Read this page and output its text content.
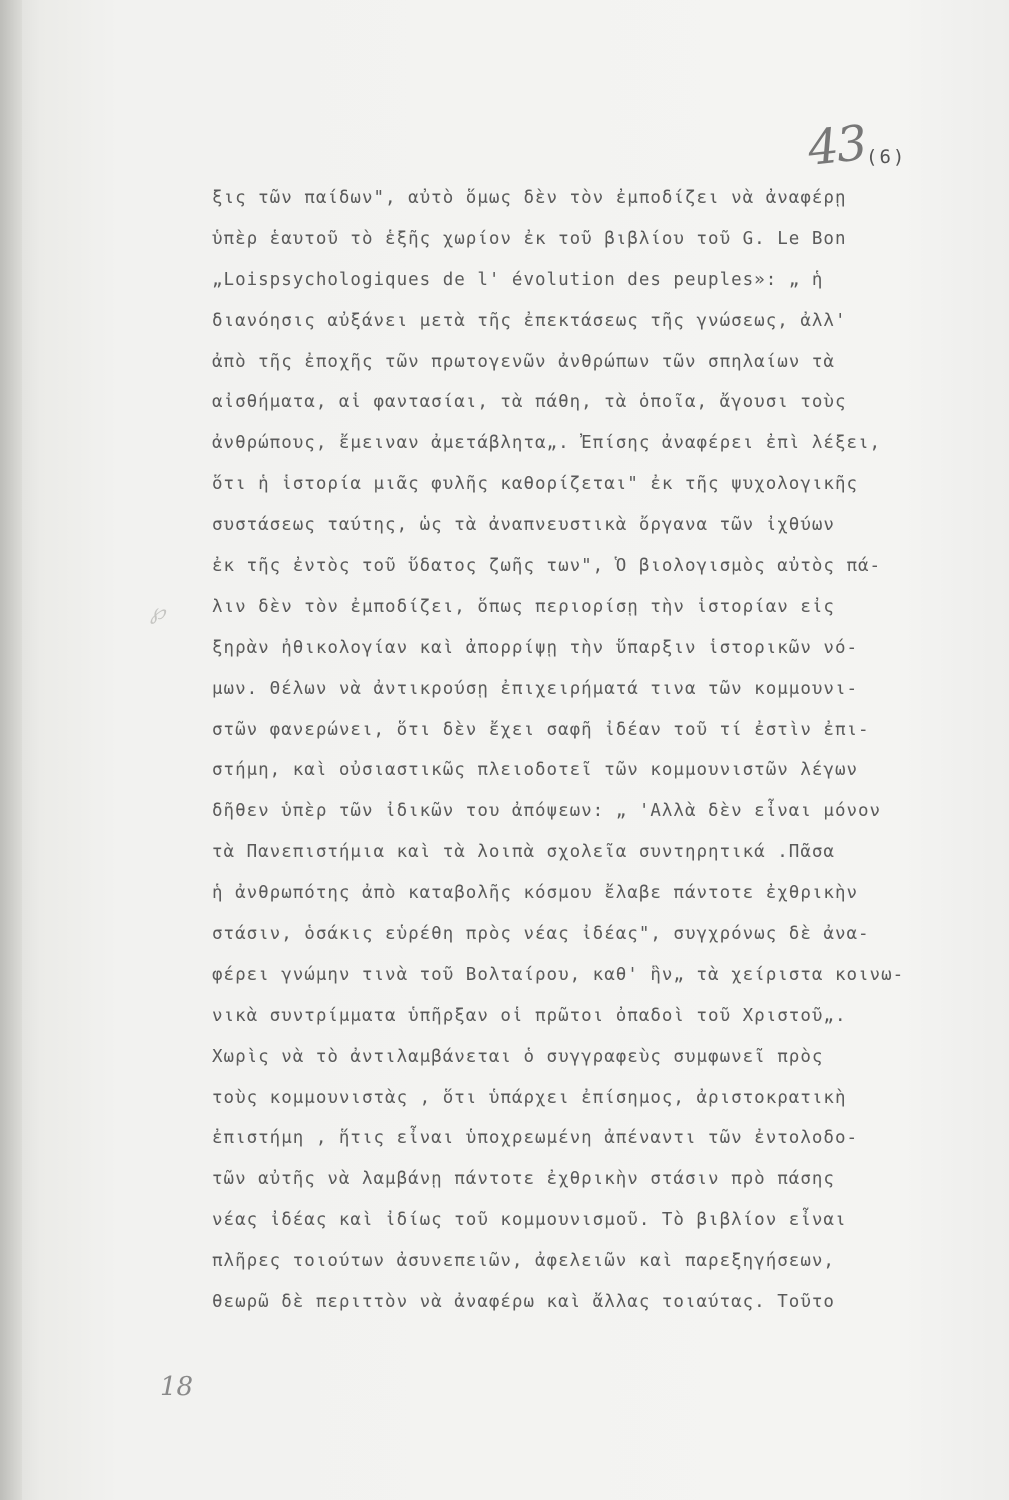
43
(6)
℘
ξις τῶν παίδων", αὐτὸ ὅμως δὲν τὸν ἐμποδίζει νὰ ἀναφέρῃ
ὑπὲρ ἑαυτοῦ τὸ ἑξῆς χωρίον ἐκ τοῦ βιβλίου τοῦ G. Le Bon
„Loispsychologiques de l' évolution des peuples»: „ ἡ
διανόησις αὐξάνει μετὰ τῆς ἐπεκτάσεως τῆς γνώσεως, ἀλλ'
ἀπὸ τῆς ἐποχῆς τῶν πρωτογενῶν ἀνθρώπων τῶν σπηλαίων τὰ
αἰσθήματα, αἱ φαντασίαι, τὰ πάθη, τὰ ὁποῖα, ἄγουσι τοὺς
ἀνθρώπους, ἔμειναν ἀμετάβλητα„. Ἐπίσης ἀναφέρει ἐπὶ λέξει,
ὅτι ἡ ἱστορία μιᾶς φυλῆς καθορίζεται" ἐκ τῆς ψυχολογικῆς
συστάσεως ταύτης, ὡς τὰ ἀναπνευστικὰ ὄργανα τῶν ἰχθύων
ἐκ τῆς ἐντὸς τοῦ ὕδατος ζωῆς των", Ὁ βιολογισμὸς αὐτὸς πά-
λιν δὲν τὸν ἐμποδίζει, ὅπως περιορίσῃ τὴν ἱστορίαν εἰς
ξηρὰν ἠθικολογίαν καὶ ἀπορρίψῃ τὴν ὕπαρξιν ἱστορικῶν νό-
μων. Θέλων νὰ ἀντικρούσῃ ἐπιχειρήματά τινα τῶν κομμουνι-
στῶν φανερώνει, ὅτι δὲν ἔχει σαφῆ ἰδέαν τοῦ τί ἐστὶν ἐπι-
στήμη, καὶ οὐσιαστικῶς πλειοδοτεῖ τῶν κομμουνιστῶν λέγων
δῆθεν ὑπὲρ τῶν ἰδικῶν του ἀπόψεων: „ 'Αλλὰ δὲν εἶναι μόνον
τὰ Πανεπιστήμια καὶ τὰ λοιπὰ σχολεῖα συντηρητικά .Πᾶσα
ἡ ἀνθρωπότης ἀπὸ καταβολῆς κόσμου ἔλαβε πάντοτε ἐχθρικὴν
στάσιν, ὁσάκις εὑρέθη πρὸς νέας ἰδέας", συγχρόνως δὲ ἀνα-
φέρει γνώμην τινὰ τοῦ Βολταίρου, καθ' ἣν„ τὰ χείριστα κοινω-
νικὰ συντρίμματα ὑπῆρξαν οἱ πρῶτοι ὀπαδοὶ τοῦ Χριστοῦ„.
Χωρὶς νὰ τὸ ἀντιλαμβάνεται ὁ συγγραφεὺς συμφωνεῖ πρὸς
τοὺς κομμουνιστὰς , ὅτι ὑπάρχει ἐπίσημος, ἀριστοκρατικὴ
ἐπιστήμη , ἥτις εἶναι ὑποχρεωμένη ἀπέναντι τῶν ἐντολοδο-
τῶν αὐτῆς νὰ λαμβάνῃ πάντοτε ἐχθρικὴν στάσιν πρὸ πάσης
νέας ἰδέας καὶ ἰδίως τοῦ κομμουνισμοῦ. Τὸ βιβλίον εἶναι
πλῆρες τοιούτων ἀσυνεπειῶν, ἀφελειῶν καὶ παρεξηγήσεων,
θεωρῶ δὲ περιττὸν νὰ ἀναφέρω καὶ ἄλλας τοιαύτας. Τοῦτο
18
